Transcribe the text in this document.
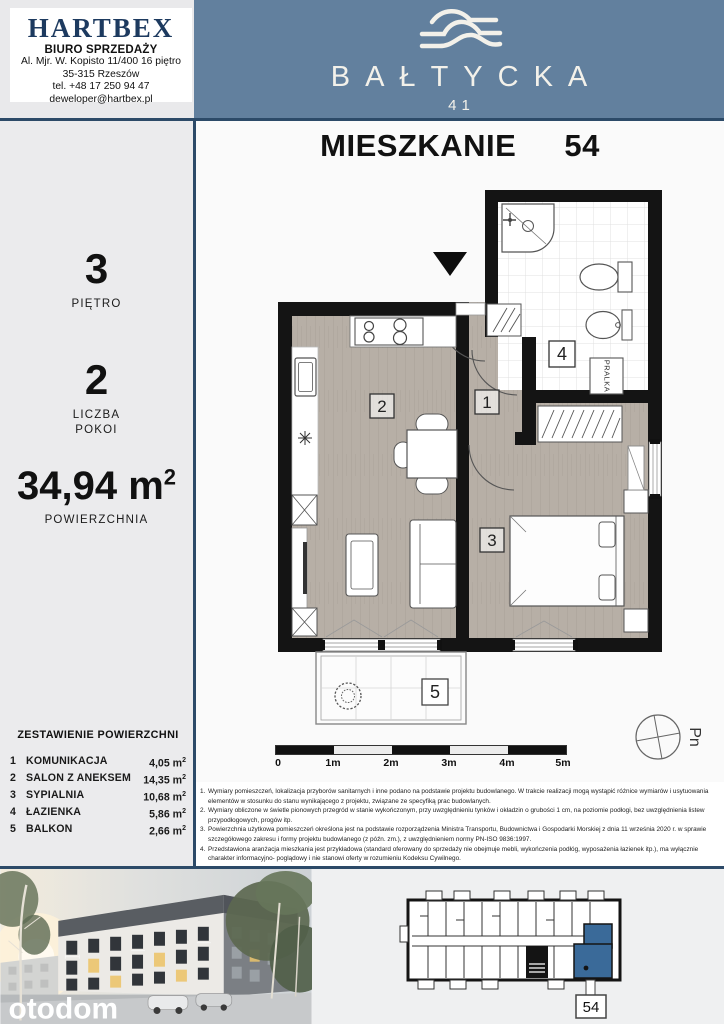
HARTBEX
BIURO SPRZEDAŻY
Al. Mjr. W. Kopisto 11/400 16 piętro
35-315 Rzeszów
tel. +48 17 250 94 47
deweloper@hartbex.pl
BAŁTYCKA
41
3
PIĘTRO
2
LICZBA
POKOI
34,94 $m^2$
POWIERZCHNIA
ZESTAWIENIE POWIERZCHNI
1 KOMUNIKACJA	4,05 $m^2$
2 SALON Z ANEKSEM	14,35 $m^2$
3 SYPIALNIA	10,68 $m^2$
4 ŁAZIENKA	5,86 $m^2$
5 BALKON	2,66 $m^2$
MIESZKANIE 54
PRALKA
1
2
3
4
5
0	1m	2m	3m	4m	5m
Pn
1. Wymiary pomieszczeń, lokalizacja przyborów sanitarnych i inne podano na podstawie projektu budowlanego. W trakcie realizacji mogą wystąpić różnice wymiarów i usytuowania elementów w stosunku do stanu wynikającego z projektu, związane ze specyfiką prac budowlanych.
2. Wymiary obliczone w świetle pionowych przegród w stanie wykończonym, przy uwzględnieniu tynków i okładzin o grubości 1 cm, na poziomie podłogi, bez uwzględnienia listew przypodłogowych, progów itp.
3. Powierzchnia użytkowa pomieszczeń określona jest na podstawie rozporządzenia Ministra Transportu, Budownictwa i Gospodarki Morskiej z dnia 11 września 2020 r. w sprawie szczegółowego zakresu i formy projektu budowlanego (z późn. zm.), z uwzględnieniem normy PN-ISO 9836:1997.
4. Przedstawiona aranżacja mieszkania jest przykładowa (standard oferowany do sprzedaży nie obejmuje mebli, wykończenia podłóg, wyposażenia łazienek itp.), ma wyłącznie charakter informacyjno- poglądowy i nie stanowi oferty w rozumieniu Kodeksu Cywilnego.
otodom	54
